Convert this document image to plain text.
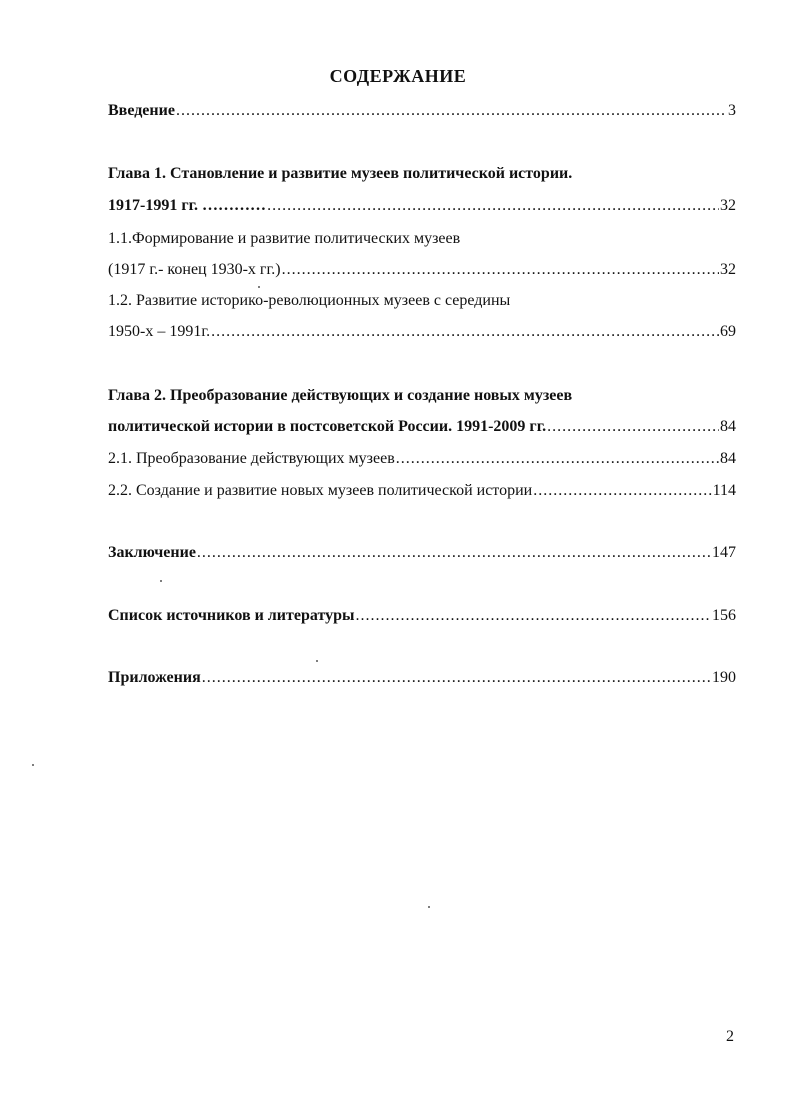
СОДЕРЖАНИЕ
Введение .....	3
Глава 1. Становление и развитие музеев политической истории.
1917-1991 гг. ………… .....	32
1.1.Формирование и развитие политических музеев
(1917 г.- конец 1930-х гг.) .....	32
1.2. Развитие историко-революционных музеев с середины
1950-х – 1991г. .....	69
Глава 2. Преобразование действующих и создание новых музеев
политической истории в постсоветской России. 1991-2009 гг. .....	84
2.1. Преобразование действующих музеев .....	84
2.2. Создание и развитие новых музеев политической истории .....	114
Заключение .....	147
Список источников и литературы .....	156
Приложения .....	190
2
